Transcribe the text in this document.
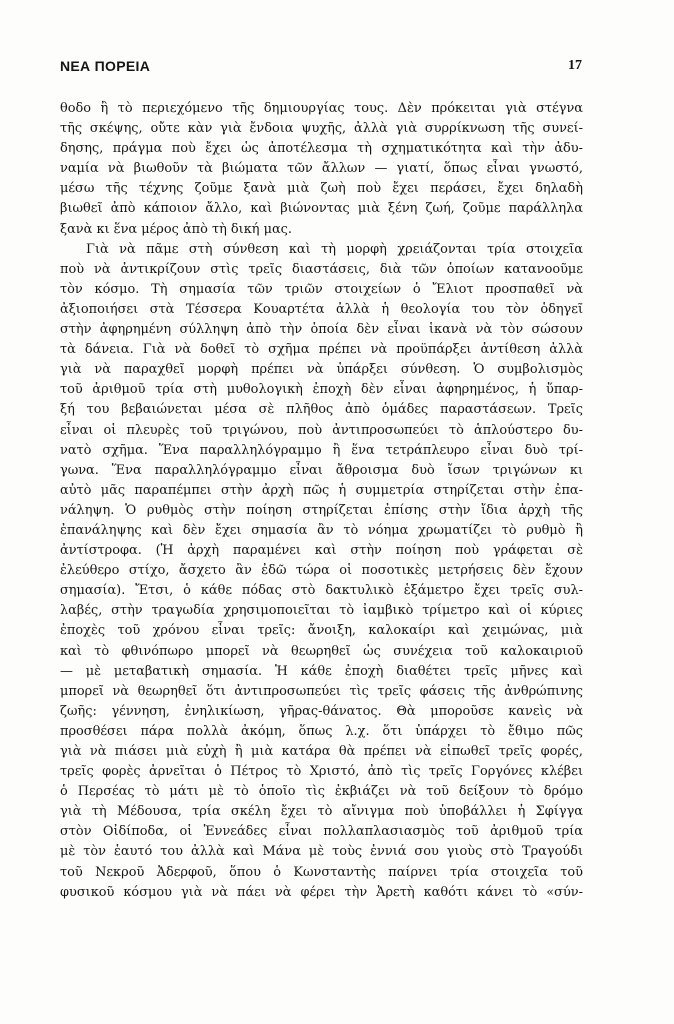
ΝΕΑ ΠΟΡΕΙΑ	17
θοδο ἢ τὸ περιεχόμενο τῆς δημιουργίας τους. Δὲν πρόκειται γιὰ στέγνα
τῆς σκέψης, οὔτε κὰν γιὰ ἔνδοια ψυχῆς, ἀλλὰ γιὰ συρρίκνωση τῆς συνεί-
δησης, πράγμα ποὺ ἔχει ὡς ἀποτέλεσμα τὴ σχηματικότητα καὶ τὴν ἀδυ-
ναμία νὰ βιωθοῦν τὰ βιώματα τῶν ἄλλων — γιατί, ὅπως εἶναι γνωστό,
μέσω τῆς τέχνης ζοῦμε ξανὰ μιὰ ζωὴ ποὺ ἔχει περάσει, ἔχει δηλαδὴ
βιωθεῖ ἀπὸ κάποιον ἄλλο, καὶ βιώνοντας μιὰ ξένη ζωή, ζοῦμε παράλληλα
ξανὰ κι ἕνα μέρος ἀπὸ τὴ δική μας.
Γιὰ νὰ πᾶμε στὴ σύνθεση καὶ τὴ μορφὴ χρειάζονται τρία στοιχεῖα
ποὺ νὰ ἀντικρίζουν στὶς τρεῖς διαστάσεις, διὰ τῶν ὁποίων κατανοοῦμε
τὸν κόσμο. Τὴ σημασία τῶν τριῶν στοιχείων ὁ Ἔλιοτ προσπαθεῖ νὰ
ἀξιοποιήσει στὰ Τέσσερα Κουαρτέτα ἀλλὰ ἡ θεολογία του τὸν ὁδηγεῖ
στὴν ἀφηρημένη σύλληψη ἀπὸ τὴν ὁποία δὲν εἶναι ἱκανὰ νὰ τὸν σώσουν
τὰ δάνεια. Γιὰ νὰ δοθεῖ τὸ σχῆμα πρέπει νὰ προϋπάρξει ἀντίθεση ἀλλὰ
γιὰ νὰ παραχθεῖ μορφὴ πρέπει νὰ ὑπάρξει σύνθεση. Ὁ συμβολισμὸς
τοῦ ἀριθμοῦ τρία στὴ μυθολογικὴ ἐποχὴ δὲν εἶναι ἀφηρημένος, ἡ ὕπαρ-
ξή του βεβαιώνεται μέσα σὲ πλῆθος ἀπὸ ὁμάδες παραστάσεων. Τρεῖς
εἶναι οἱ πλευρὲς τοῦ τριγώνου, ποὺ ἀντιπροσωπεύει τὸ ἁπλούστερο δυ-
νατὸ σχῆμα. Ἕνα παραλληλόγραμμο ἢ ἕνα τετράπλευρο εἶναι δυὸ τρί-
γωνα. Ἕνα παραλληλόγραμμο εἶναι ἄθροισμα δυὸ ἴσων τριγώνων κι
αὐτὸ μᾶς παραπέμπει στὴν ἀρχὴ πῶς ἡ συμμετρία στηρίζεται στὴν ἐπα-
νάληψη. Ὁ ρυθμὸς στὴν ποίηση στηρίζεται ἐπίσης στὴν ἴδια ἀρχὴ τῆς
ἐπανάληψης καὶ δὲν ἔχει σημασία ἂν τὸ νόημα χρωματίζει τὸ ρυθμὸ ἢ
ἀντίστροφα. (Ἡ ἀρχὴ παραμένει καὶ στὴν ποίηση ποὺ γράφεται σὲ
ἐλεύθερο στίχο, ἄσχετο ἂν ἐδῶ τώρα οἱ ποσοτικὲς μετρήσεις δὲν ἔχουν
σημασία). Ἔτσι, ὁ κάθε πόδας στὸ δακτυλικὸ ἑξάμετρο ἔχει τρεῖς συλ-
λαβές, στὴν τραγωδία χρησιμοποιεῖται τὸ ἰαμβικὸ τρίμετρο καὶ οἱ κύριες
ἐποχὲς τοῦ χρόνου εἶναι τρεῖς: ἄνοιξη, καλοκαίρι καὶ χειμώνας, μιὰ
καὶ τὸ φθινόπωρο μπορεῖ νὰ θεωρηθεῖ ὡς συνέχεια τοῦ καλοκαιριοῦ
— μὲ μεταβατικὴ σημασία. Ἡ κάθε ἐποχὴ διαθέτει τρεῖς μῆνες καὶ
μπορεῖ νὰ θεωρηθεῖ ὅτι ἀντιπροσωπεύει τὶς τρεῖς φάσεις τῆς ἀνθρώπινης
ζωῆς: γέννηση, ἐνηλικίωση, γῆρας-θάνατος. Θὰ μποροῦσε κανεὶς νὰ
προσθέσει πάρα πολλὰ ἀκόμη, ὅπως λ.χ. ὅτι ὑπάρχει τὸ ἔθιμο πῶς
γιὰ νὰ πιάσει μιὰ εὐχὴ ἢ μιὰ κατάρα θὰ πρέπει νὰ εἰπωθεῖ τρεῖς φορές,
τρεῖς φορὲς ἀρνεῖται ὁ Πέτρος τὸ Χριστό, ἀπὸ τὶς τρεῖς Γοργόνες κλέβει
ὁ Περσέας τὸ μάτι μὲ τὸ ὁποῖο τὶς ἐκβιάζει νὰ τοῦ δείξουν τὸ δρόμο
γιὰ τὴ Μέδουσα, τρία σκέλη ἔχει τὸ αἴνιγμα ποὺ ὑποβάλλει ἡ Σφίγγα
στὸν Οἰδίποδα, οἱ Ἐννεάδες εἶναι πολλαπλασιασμὸς τοῦ ἀριθμοῦ τρία
μὲ τὸν ἑαυτό του ἀλλὰ καὶ Μάνα μὲ τοὺς ἐννιά σου γιοὺς στὸ Τραγούδι
τοῦ Νεκροῦ Ἀδερφοῦ, ὅπου ὁ Κωνσταντὴς παίρνει τρία στοιχεῖα τοῦ
φυσικοῦ κόσμου γιὰ νὰ πάει νὰ φέρει τὴν Ἀρετὴ καθότι κάνει τὸ «σύν-
